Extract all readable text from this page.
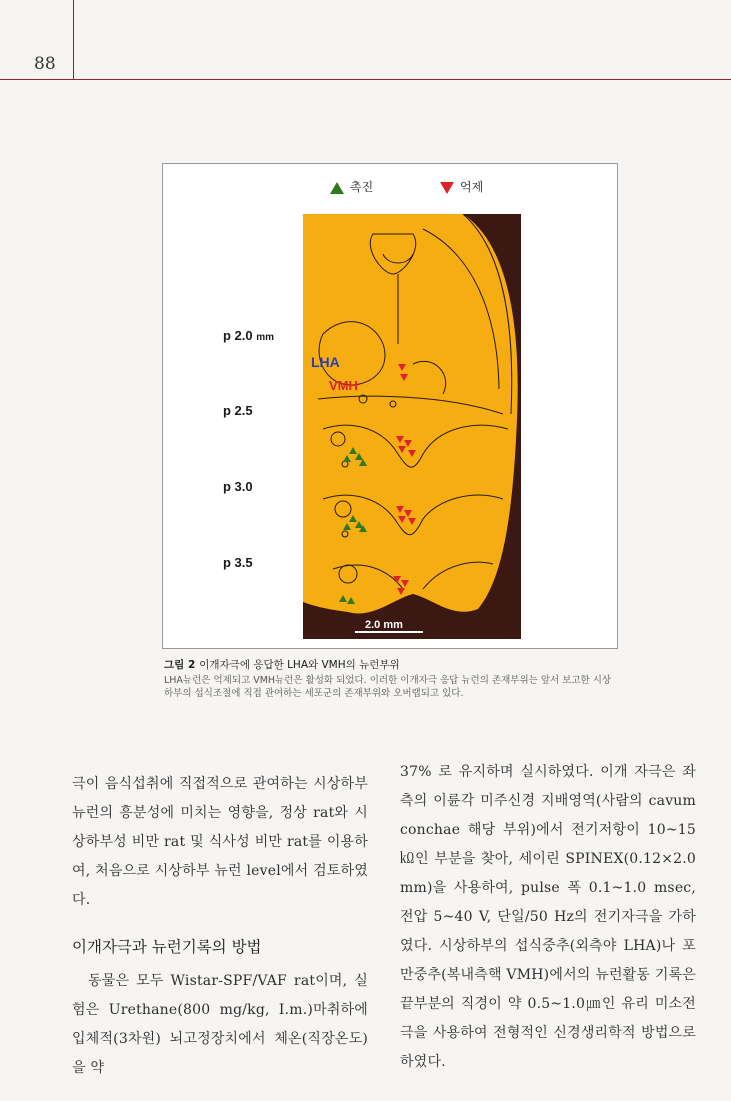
88
촉진	억제
p 2.0 mm
p 2.5
p 3.0
p 3.5
LHA
VMH
2.0 mm
그림 2 이개자극에 응답한 LHA와 VMH의 뉴런부위
LHA뉴런은 억제되고 VMH뉴런은 활성화 되었다. 이러한 이개자극 응답 뉴런의 존재부위는 앞서 보고한 시상하부의 섭식조절에 직접 관여하는 세포군의 존재부위와 오버랩되고 있다.

극이 음식섭취에 직접적으로 관여하는 시상하부 뉴런의 흥분성에 미치는 영향을, 정상 rat와 시상하부성 비만 rat 및 식사성 비만 rat를 이용하여, 처음으로 시상하부 뉴런 level에서 검토하였다.

이개자극과 뉴런기록의 방법

동물은 모두 Wistar-SPF/VAF rat이며, 실험은 Urethane(800 mg/kg, I.m.)마취하에 입체적(3차원) 뇌고정장치에서 체온(직장온도)을 약

37% 로 유지하며 실시하였다. 이개 자극은 좌측의 이륜각 미주신경 지배영역(사람의 cavum conchae 해당 부위)에서 전기저항이 10~15㏀인 부분을 찾아, 세이린 SPINEX(0.12×2.0 mm)을 사용하여, pulse 폭 0.1~1.0 msec, 전압 5~40 V, 단일/50 Hz의 전기자극을 가하였다. 시상하부의 섭식중추(외측야 LHA)나 포만중추(복내측핵 VMH)에서의 뉴런활동 기록은 끝부분의 직경이 약 0.5~1.0㎛인 유리 미소전극을 사용하여 전형적인 신경생리학적 방법으로 하였다.
